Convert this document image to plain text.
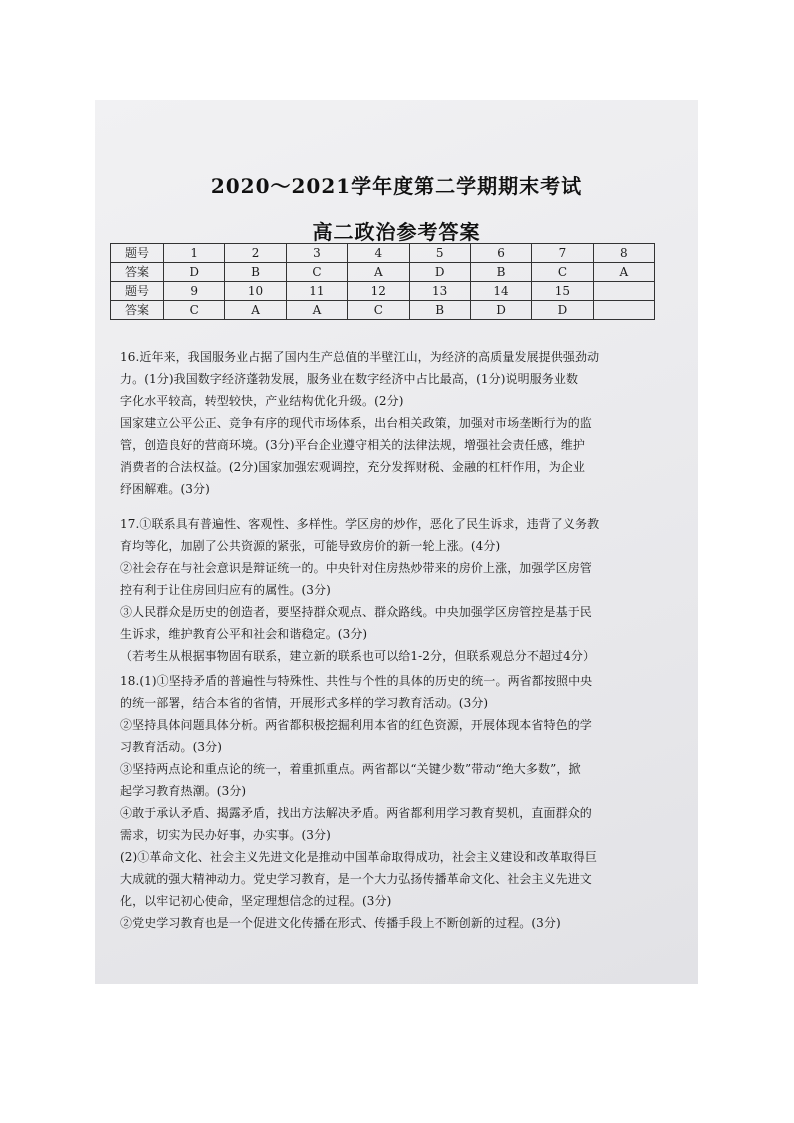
2020～2021学年度第二学期期末考试
高二政治参考答案
题号	1	2	3	4	5	6	7	8
答案	D	B	C	A	D	B	C	A
题号	9	10	11	12	13	14	15	
答案	C	A	A	C	B	D	D	

16.近年来，我国服务业占据了国内生产总值的半壁江山，为经济的高质量发展提供强劲动

力。(1分)我国数字经济蓬勃发展，服务业在数字经济中占比最高，(1分)说明服务业数

字化水平较高，转型较快，产业结构优化升级。(2分)

国家建立公平公正、竞争有序的现代市场体系，出台相关政策，加强对市场垄断行为的监

管，创造良好的营商环境。(3分)平台企业遵守相关的法律法规，增强社会责任感，维护

消费者的合法权益。(2分)国家加强宏观调控，充分发挥财税、金融的杠杆作用，为企业

纾困解难。(3分)

17.①联系具有普遍性、客观性、多样性。学区房的炒作，恶化了民生诉求，违背了义务教

育均等化，加剧了公共资源的紧张，可能导致房价的新一轮上涨。(4分)

②社会存在与社会意识是辩证统一的。中央针对住房热炒带来的房价上涨，加强学区房管

控有利于让住房回归应有的属性。(3分)

③人民群众是历史的创造者，要坚持群众观点、群众路线。中央加强学区房管控是基于民

生诉求，维护教育公平和社会和谐稳定。(3分)

（若考生从根据事物固有联系，建立新的联系也可以给1-2分，但联系观总分不超过4分）

18.(1)①坚持矛盾的普遍性与特殊性、共性与个性的具体的历史的统一。两省都按照中央

的统一部署，结合本省的省情，开展形式多样的学习教育活动。(3分)

②坚持具体问题具体分析。两省都积极挖掘利用本省的红色资源，开展体现本省特色的学

习教育活动。(3分)

③坚持两点论和重点论的统一，着重抓重点。两省都以“关键少数”带动“绝大多数”，掀

起学习教育热潮。(3分)

④敢于承认矛盾、揭露矛盾，找出方法解决矛盾。两省都利用学习教育契机，直面群众的

需求，切实为民办好事，办实事。(3分)

(2)①革命文化、社会主义先进文化是推动中国革命取得成功，社会主义建设和改革取得巨

大成就的强大精神动力。党史学习教育，是一个大力弘扬传播革命文化、社会主义先进文

化，以牢记初心使命，坚定理想信念的过程。(3分)

②党史学习教育也是一个促进文化传播在形式、传播手段上不断创新的过程。(3分)
